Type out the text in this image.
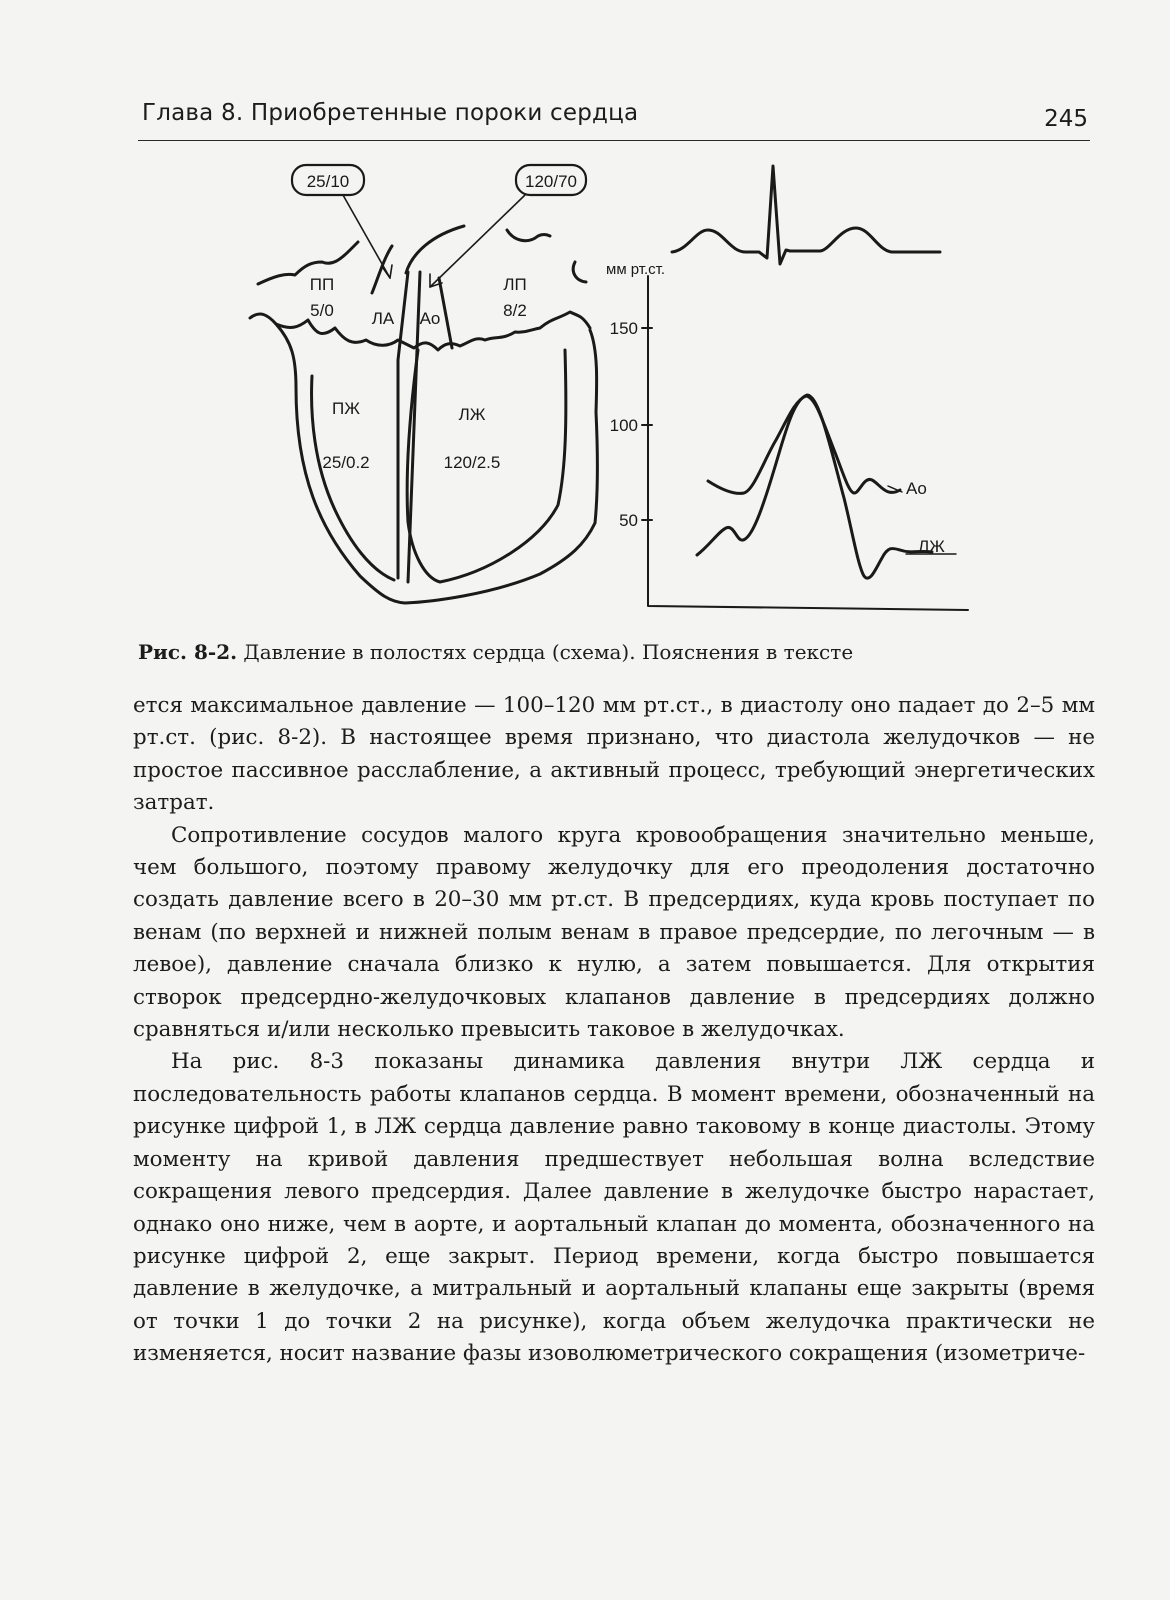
Глава 8. Приобретенные пороки сердца	245
25/10	120/70
ПП
5/0 ЛА Ао
ЛП
8/2
ПЖ
25/0.2
ЛЖ
120/2.5
мм рт.ст.
150
100
50
Ао
ЛЖ
Рис. 8-2. Давление в полостях сердца (схема). Пояснения в тексте

ется максимальное давление — 100–120 мм рт.ст., в диастолу оно падает до 2–5 мм рт.ст. (рис. 8-2). В настоящее время признано, что диастола желудочков — не простое пассивное расслабление, а активный процесс, требующий энергетических затрат.

Сопротивление сосудов малого круга кровообращения значительно меньше, чем большого, поэтому правому желудочку для его преодоления достаточно создать давление всего в 20–30 мм рт.ст. В предсердиях, куда кровь поступает по венам (по верхней и нижней полым венам в правое предсердие, по легочным — в левое), давление сначала близко к нулю, а затем повышается. Для открытия створок предсердно-желудочковых клапанов давление в предсердиях должно сравняться и/или несколько превысить таковое в желудочках.

На рис. 8-3 показаны динамика давления внутри ЛЖ сердца и последовательность работы клапанов сердца. В момент времени, обозначенный на рисунке цифрой 1, в ЛЖ сердца давление равно таковому в конце диастолы. Этому моменту на кривой давления предшествует небольшая волна вследствие сокращения левого предсердия. Далее давление в желудочке быстро нарастает, однако оно ниже, чем в аорте, и аортальный клапан до момента, обозначенного на рисунке цифрой 2, еще закрыт. Период времени, когда быстро повышается давление в желудочке, а митральный и аортальный клапаны еще закрыты (время от точки 1 до точки 2 на рисунке), когда объем желудочка практически не изменяется, носит название фазы изоволюметрического сокращения (изометриче-
